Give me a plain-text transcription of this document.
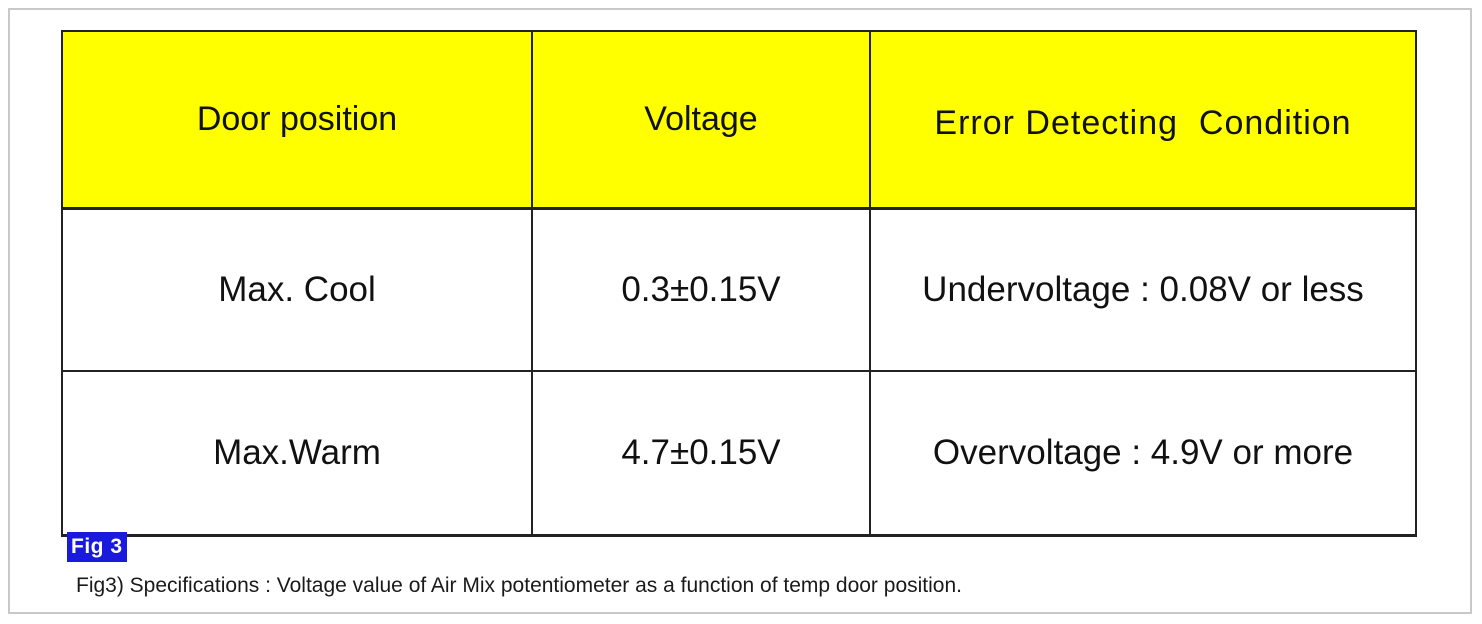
Door position	Voltage	Error Detecting  Condition
Max. Cool	0.3±0.15V	Undervoltage : 0.08V or less
Max.Warm	4.7±0.15V	Overvoltage : 4.9V or more
Fig 3
Fig3) Specifications : Voltage value of Air Mix potentiometer as a function of temp door position.
